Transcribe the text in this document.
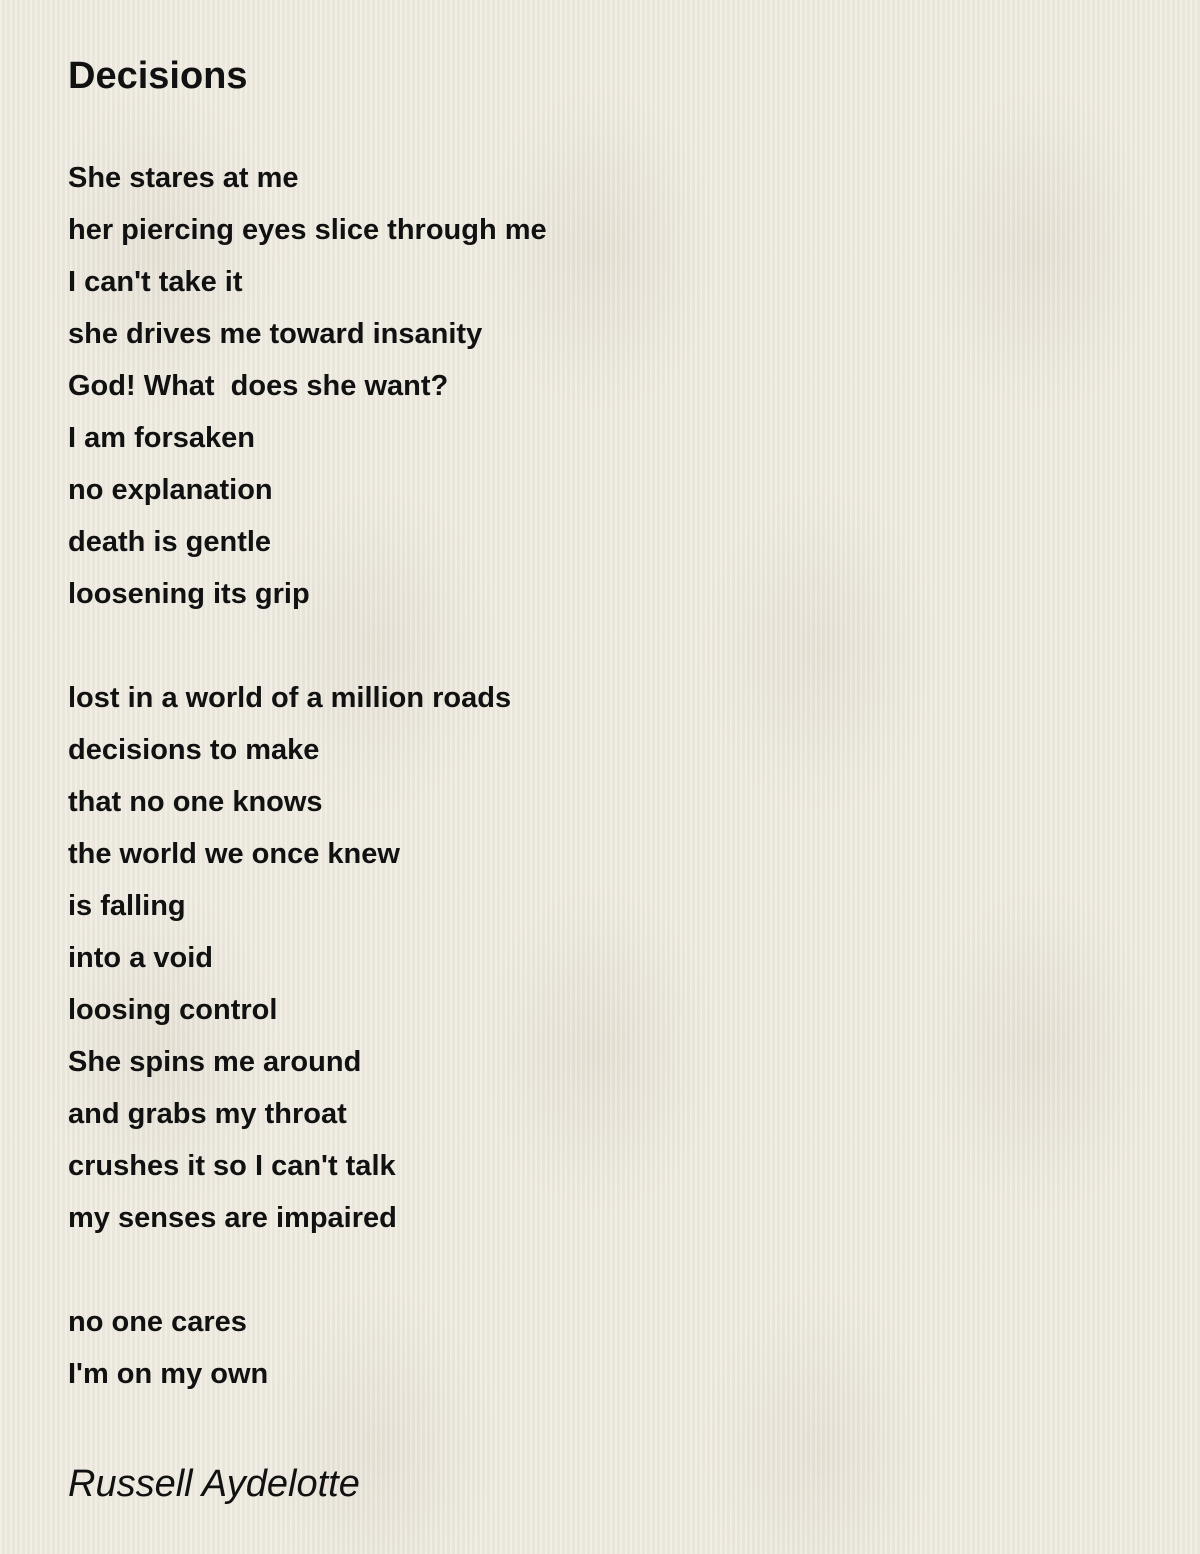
Decisions
She stares at me
her piercing eyes slice through me
I can't take it
she drives me toward insanity
God! What  does she want?
I am forsaken
no explanation
death is gentle
loosening its grip
lost in a world of a million roads
decisions to make
that no one knows
the world we once knew
is falling
into a void
loosing control
She spins me around
and grabs my throat
crushes it so I can't talk
my senses are impaired
no one cares
I'm on my own
Russell Aydelotte
